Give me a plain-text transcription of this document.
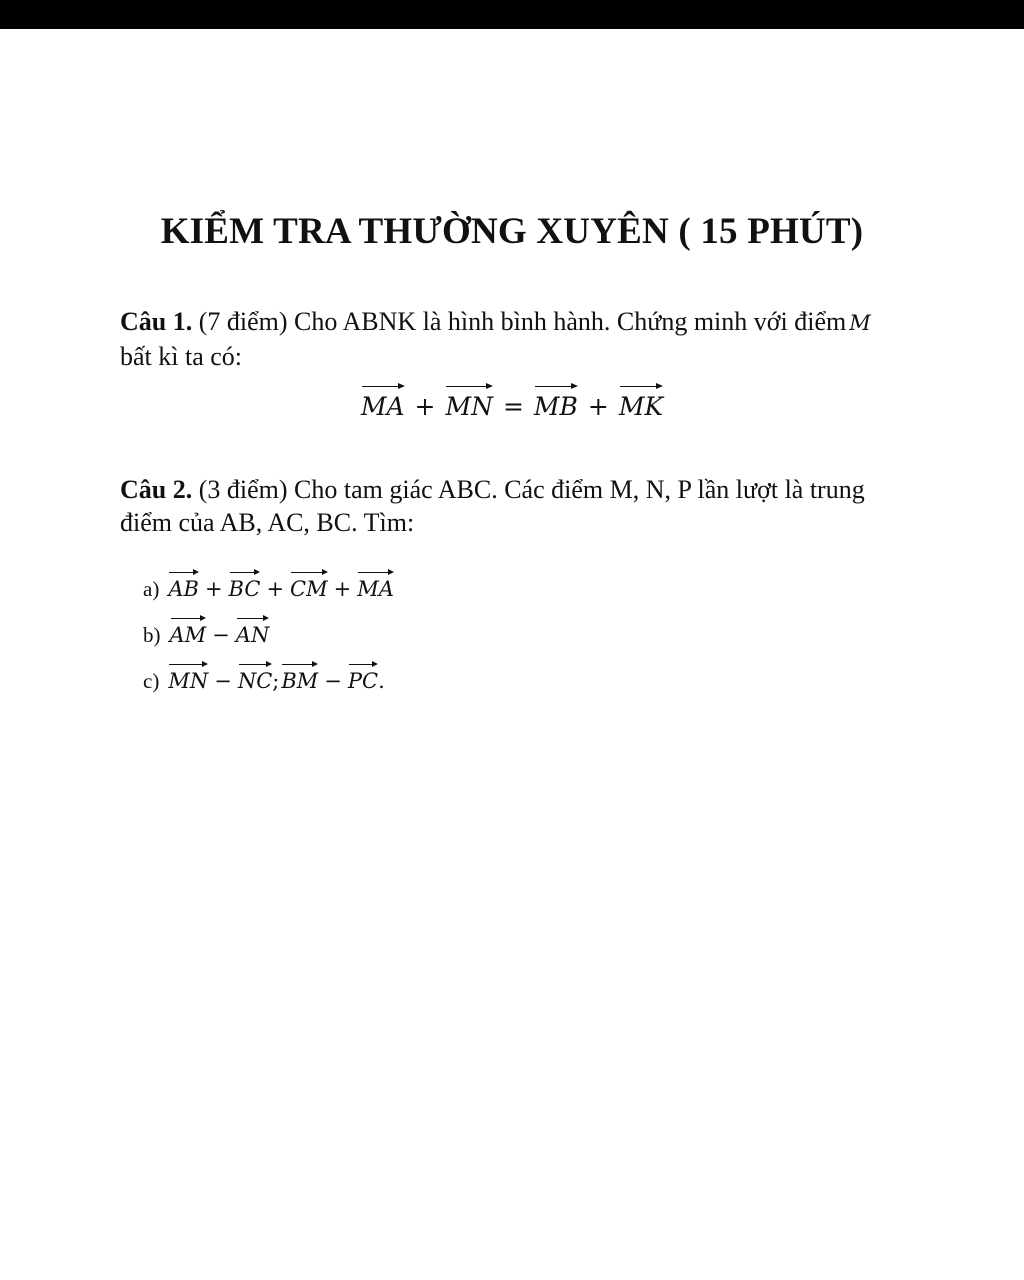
KIỂM TRA THƯỜNG XUYÊN ( 15 PHÚT)
Câu 1. (7 điểm) Cho ABNK là hình bình hành. Chứng minh với điểm M
bất kì ta có:
MA + MN = MB + MK
Câu 2. (3 điểm) Cho tam giác ABC. Các điểm M, N, P lần lượt là trung
điểm của AB, AC, BC. Tìm:
a) AB + BC + CM + MA
b) AM − AN
c) MN − NC;BM − PC.
